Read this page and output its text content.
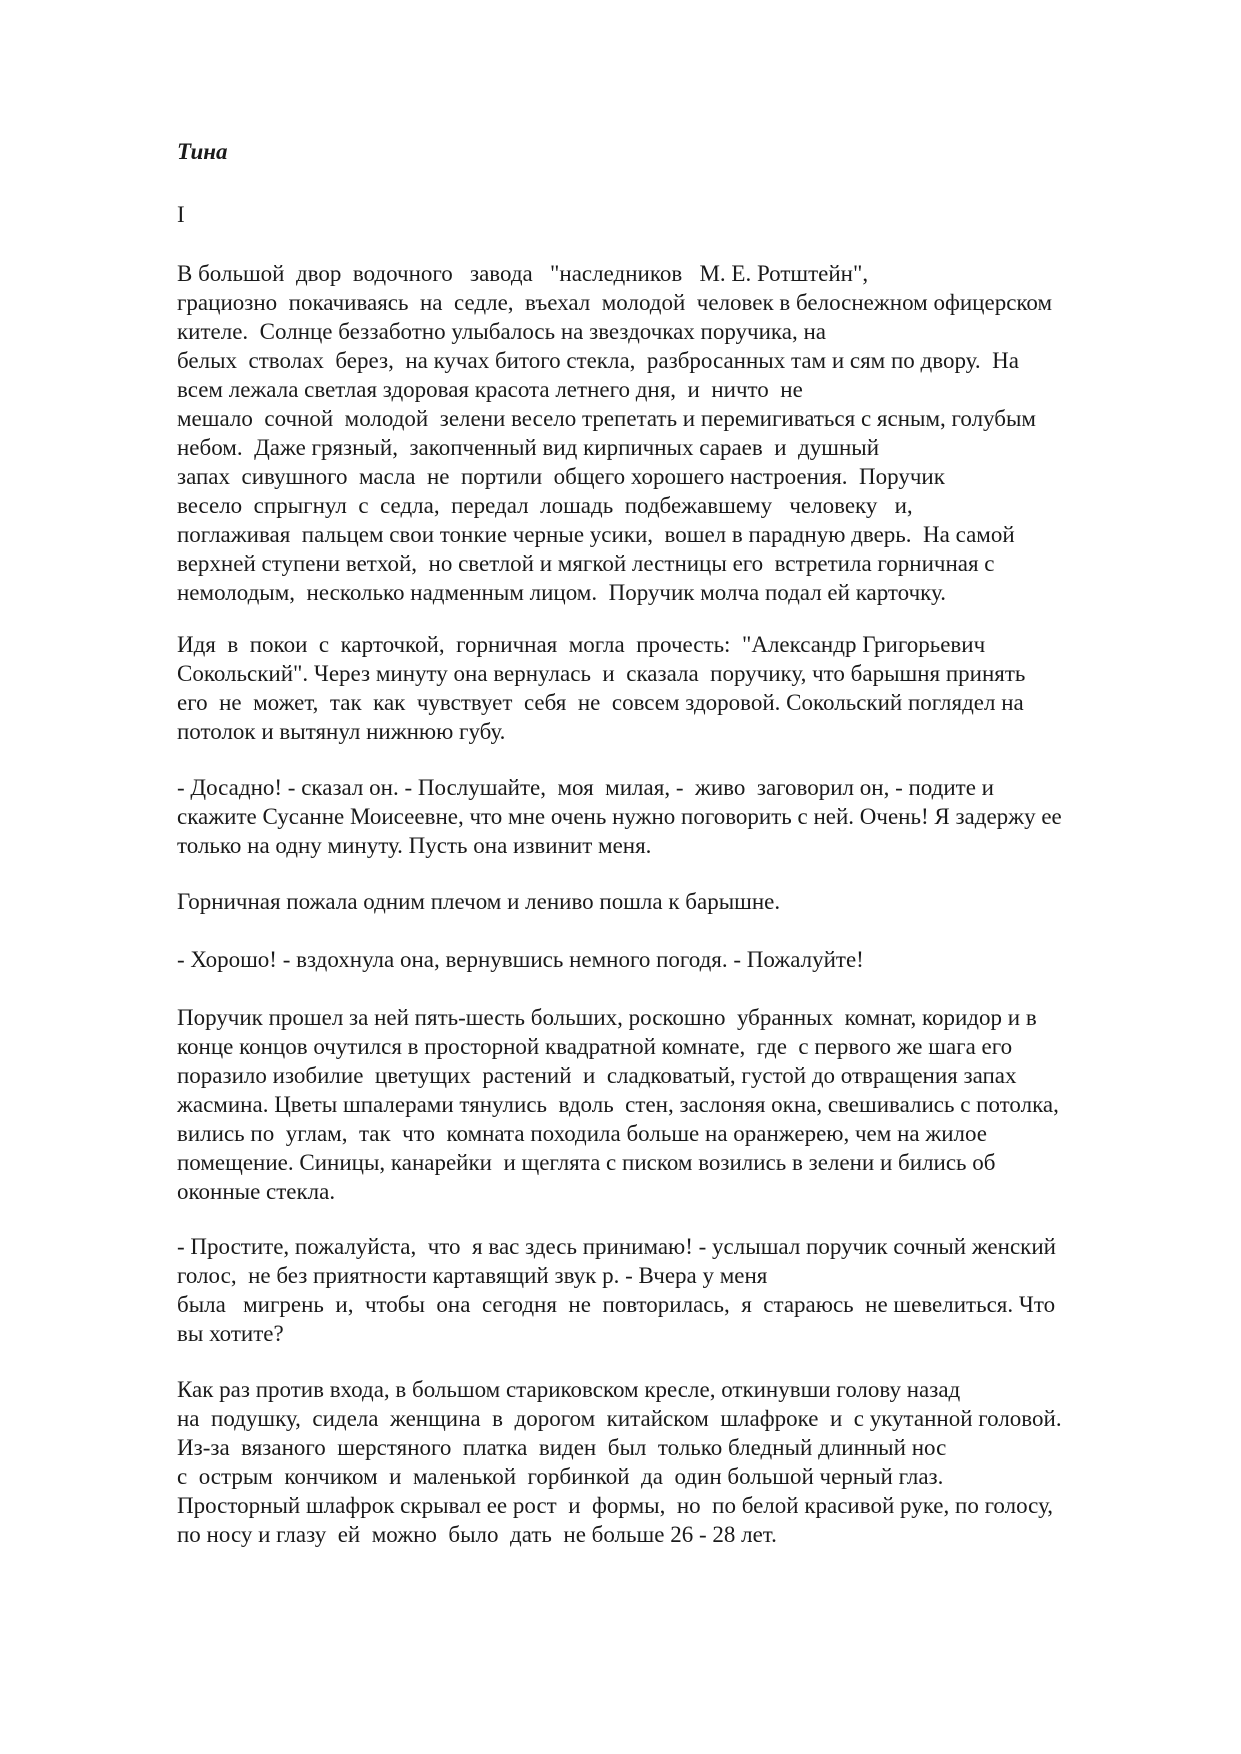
Тина
I
В большой  двор  водочного   завода   "наследников   М. Е. Ротштейн",
грациозно  покачиваясь  на  седле,  въехал  молодой  человек в белоснежном офицерском
кителе.  Солнце беззаботно улыбалось на звездочках поручика, на
белых  стволах  берез,  на кучах битого стекла,  разбросанных там и сям по двору.  На
всем лежала светлая здоровая красота летнего дня,  и  ничто  не
мешало  сочной  молодой  зелени весело трепетать и перемигиваться с ясным, голубым
небом.  Даже грязный,  закопченный вид кирпичных сараев  и  душный
запах  сивушного  масла  не  портили  общего хорошего настроения.  Поручик
весело  спрыгнул  с  седла,  передал  лошадь  подбежавшему   человеку   и,
поглаживая  пальцем свои тонкие черные усики,  вошел в парадную дверь.  На самой
верхней ступени ветхой,  но светлой и мягкой лестницы его  встретила горничная с
немолодым,  несколько надменным лицом.  Поручик молча подал ей карточку.
Идя  в  покои  с  карточкой,  горничная  могла  прочесть:  "Александр Григорьевич
Сокольский". Через минуту она вернулась  и  сказала  поручику, что барышня принять
его  не  может,  так  как  чувствует  себя  не  совсем здоровой. Сокольский поглядел на
потолок и вытянул нижнюю губу.
- Досадно! - сказал он. - Послушайте,  моя  милая, -  живо  заговорил он, - подите и
скажите Сусанне Моисеевне, что мне очень нужно поговорить с ней. Очень! Я задержу ее
только на одну минуту. Пусть она извинит меня.
Горничная пожала одним плечом и лениво пошла к барышне.
- Хорошо! - вздохнула она, вернувшись немного погодя. - Пожалуйте!
Поручик прошел за ней пять-шесть больших, роскошно  убранных  комнат, коридор и в
конце концов очутился в просторной квадратной комнате,  где  с первого же шага его
поразило изобилие  цветущих  растений  и  сладковатый, густой до отвращения запах
жасмина. Цветы шпалерами тянулись  вдоль  стен, заслоняя окна, свешивались с потолка,
вились по  углам,  так  что  комната походила больше на оранжерею, чем на жилое
помещение. Синицы, канарейки  и щеглята с писком возились в зелени и бились об
оконные стекла.
- Простите, пожалуйста,  что  я вас здесь принимаю! - услышал поручик сочный женский
голос,  не без приятности картавящий звук р. - Вчера у меня
была   мигрень  и,  чтобы  она  сегодня  не  повторилась,  я  стараюсь  не шевелиться. Что
вы хотите?
Как раз против входа, в большом стариковском кресле, откинувши голову назад
на  подушку,  сидела  женщина  в  дорогом  китайском  шлафроке  и  с укутанной головой.
Из-за  вязаного  шерстяного  платка  виден  был  только бледный длинный нос
с  острым  кончиком  и  маленькой  горбинкой  да  один большой черный глаз.
Просторный шлафрок скрывал ее рост  и  формы,  но  по белой красивой руке, по голосу,
по носу и глазу  ей  можно  было  дать  не больше 26 - 28 лет.
